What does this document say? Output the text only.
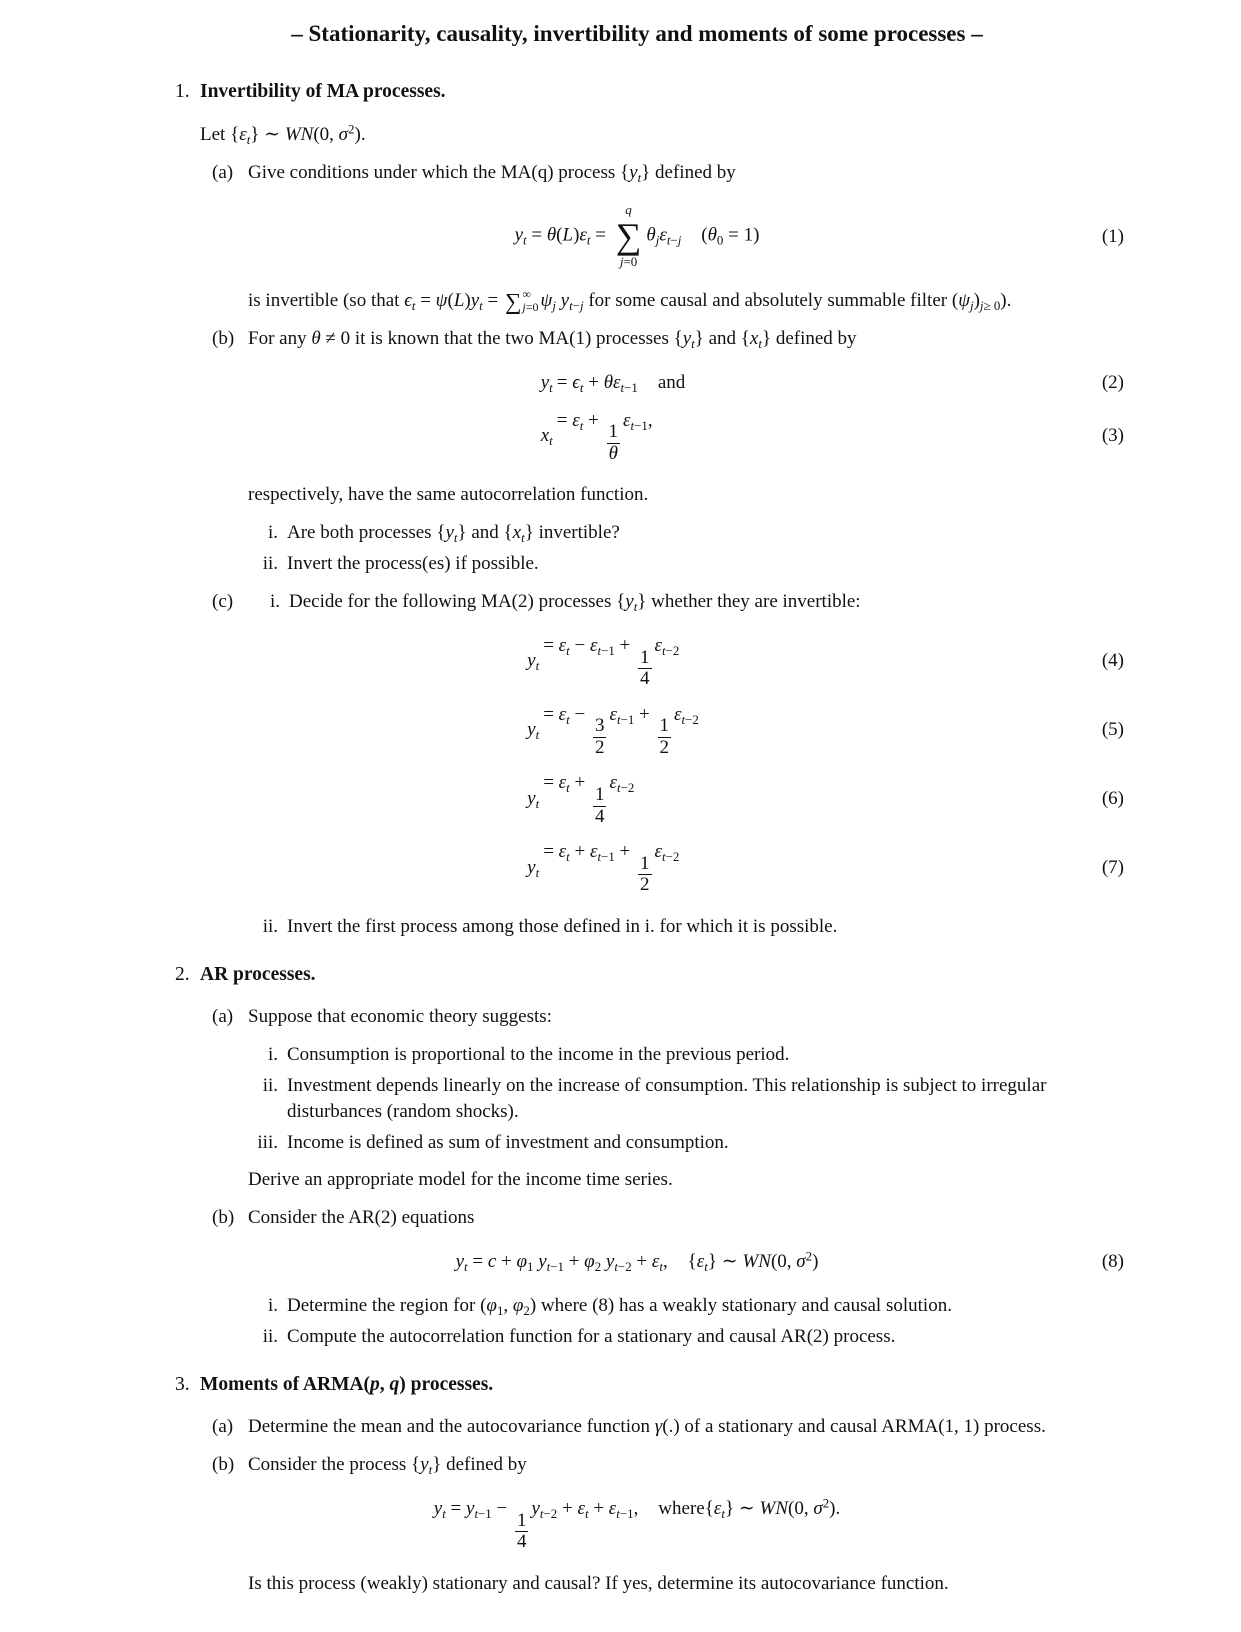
– Stationarity, causality, invertibility and moments of some processes –
1. Invertibility of MA processes.
Let $\{\varepsilon_t\}$ ∼ WN(0, $\sigma^2$).
(a) Give conditions under which the MA(q) process $\{y_t\}$ defined by
$y_t = \theta(L)\varepsilon_t$ =
q
∑
j=0
$\theta_j\varepsilon_{t-j}$ $(\theta_0 = 1)$	(1)
is invertible (so that $\epsilon_t = \psi(L)y_t$ = ∑ ∞
j=0 $\psi_j$ $y_{t-j}$ for some causal and absolutely summable filter $(\psi_j)_{j\ge 0}$).
(b) For any θ ≠ 0 it is known that the two MA(1) processes $\{y_t\}$ and $\{x_t\}$ defined by
$y_t = \epsilon_t + \theta\varepsilon_{t-1}$ and	(2)
$x_t$
= $\varepsilon_t$ +
$\frac{1}{\theta}$
$\varepsilon_{t-1}$,
(3)
respectively, have the same autocorrelation function.
i. Are both processes $\{y_t\}$ and $\{x_t\}$ invertible?
ii. Invert the process(es) if possible.
(c)	i. Decide for the following MA(2) processes $\{y_t\}$ whether they are invertible:
$y_t$
= $\varepsilon_t - \varepsilon_{t-1}$ +
$\frac{1}{4}$
$\varepsilon_{t-2}$
(4)
$y_t$
= $\varepsilon_t$ −
$\frac{3}{2}$
$\varepsilon_{t-1}$ +
$\frac{1}{2}$
$\varepsilon_{t-2}$
(5)
$y_t$
= $\varepsilon_t$ +
$\frac{1}{4}$
$\varepsilon_{t-2}$
(6)
$y_t$
= $\varepsilon_t + \varepsilon_{t-1}$ +
$\frac{1}{2}$
$\varepsilon_{t-2}$
(7)
ii. Invert the first process among those defined in i. for which it is possible.
2. AR processes.
(a) Suppose that economic theory suggests:
i. Consumption is proportional to the income in the previous period.
ii. Investment depends linearly on the increase of consumption. This relationship is subject to irregular disturbances (random shocks).
iii. Income is defined as sum of investment and consumption.
Derive an appropriate model for the income time series.
(b) Consider the AR(2) equations
$y_t = c + \varphi_1$ $y_{t-1} + \varphi_2$ $y_{t-2} + \varepsilon_t$, $\{\varepsilon_t\}$ ∼ WN(0, $\sigma^2$)	(8)
i. Determine the region for ($\varphi_1$, $\varphi_2$) where (8) has a weakly stationary and causal solution.
ii. Compute the autocorrelation function for a stationary and causal AR(2) process.
3. Moments of ARMA(p, q) processes.
(a) Determine the mean and the autocovariance function γ(.) of a stationary and causal ARMA(1, 1) process.
(b) Consider the process $\{y_t\}$ defined by
$y_t = y_{t-1}$ −
$\frac{1}{4}$
$y_{t-2} + \varepsilon_t + \varepsilon_{t-1}$, $where\{\varepsilon_t\}$ ∼ WN(0, $\sigma^2$).
Is this process (weakly) stationary and causal? If yes, determine its autocovariance function.
